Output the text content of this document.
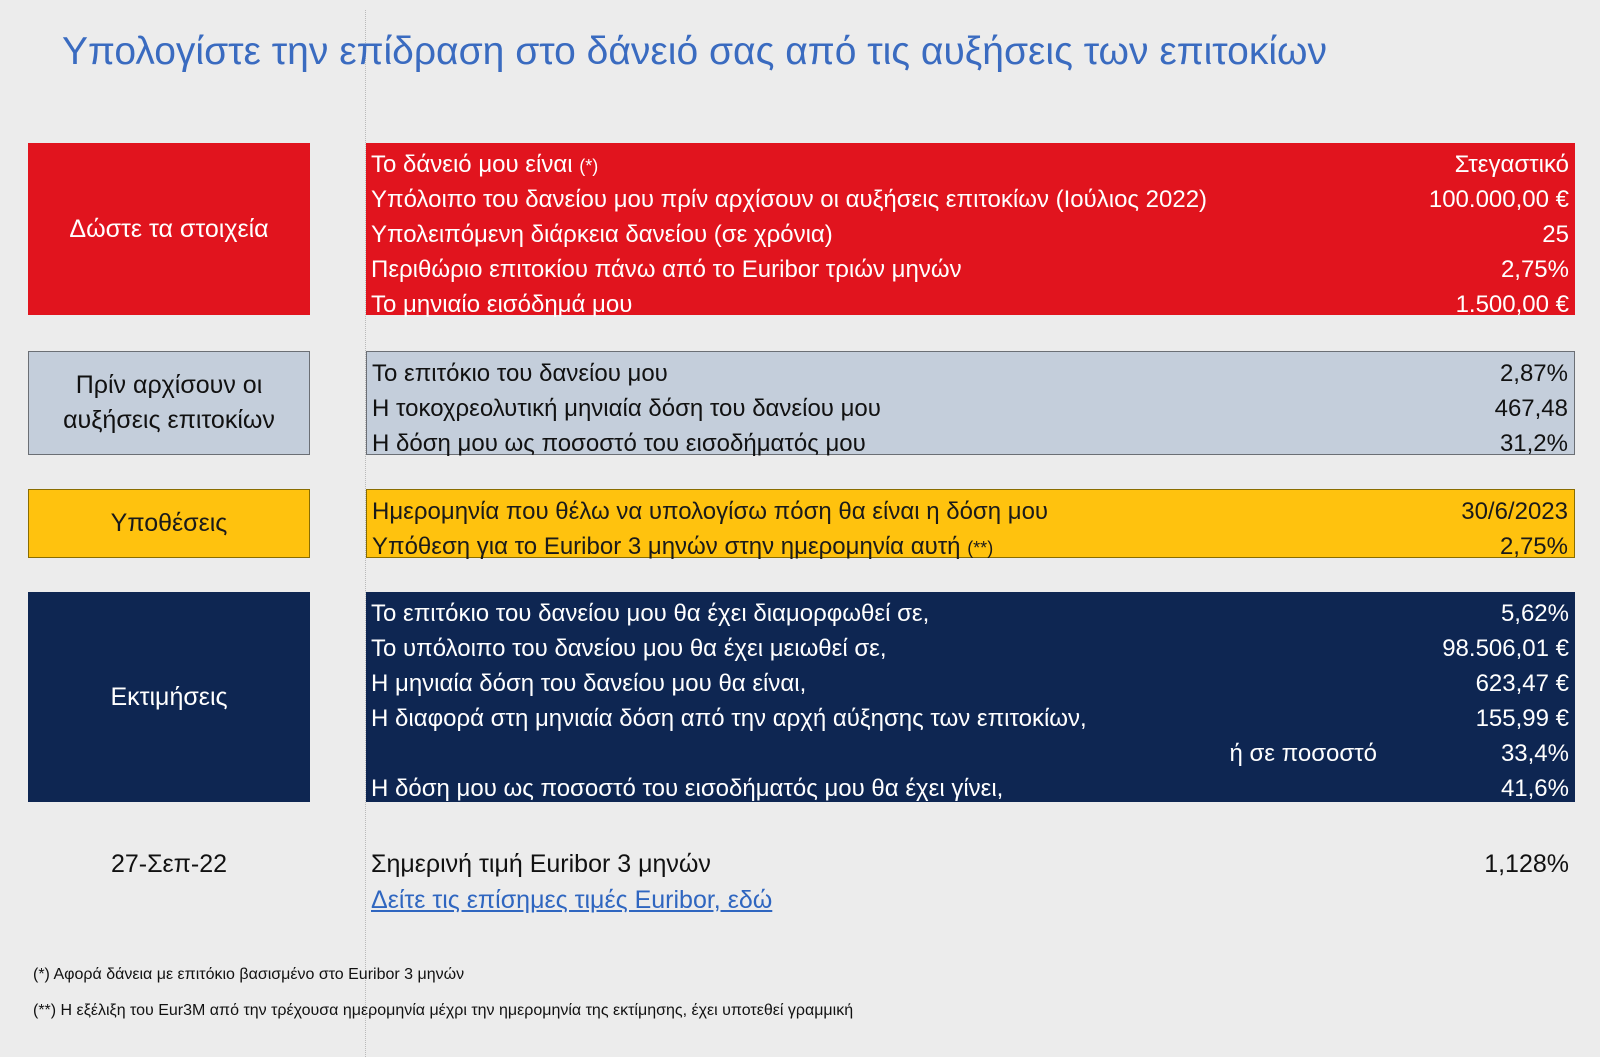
Υπολογίστε την επίδραση στο δάνειό σας από τις αυξήσεις των επιτοκίων
Δώστε τα στοιχεία
Το δάνειό μου είναι (*)	Στεγαστικό
Υπόλοιπο του δανείου μου πρίν αρχίσουν οι αυξήσεις επιτοκίων (Ιούλιος 2022)	100.000,00 €
Υπολειπόμενη διάρκεια δανείου (σε χρόνια)	25
Περιθώριο επιτοκίου πάνω από το Euribor τριών μηνών	2,75%
Το μηνιαίο εισόδημά μου	1.500,00 €
Πρίν αρχίσουν οι αυξήσεις επιτοκίων
Το επιτόκιο του δανείου μου	2,87%
Η τοκοχρεολυτική μηνιαία δόση του δανείου μου	467,48
Η δόση μου ως ποσοστό του εισοδήματός μου	31,2%
Υποθέσεις	Ημερομηνία που θέλω να υπολογίσω πόση θα είναι η δόση μου	30/6/2023
Υπόθεση για το Euribor 3 μηνών στην ημερομηνία αυτή (**)	2,75%
Εκτιμήσεις
Το επιτόκιο του δανείου μου θα έχει διαμορφωθεί σε,	5,62%
Το υπόλοιπο του δανείου μου θα έχει μειωθεί σε,	98.506,01 €
Η μηνιαία δόση του δανείου μου θα είναι,	623,47 €
Η διαφορά στη μηνιαία δόση από την αρχή αύξησης των επιτοκίων,	155,99 €
ή σε ποσοστό	33,4%
Η δόση μου ως ποσοστό του εισοδήματός μου θα έχει γίνει,	41,6%
27-Σεπ-22	Σημερινή τιμή Euribor 3 μηνών	1,128%
Δείτε τις επίσημες τιμές Euribor, εδώ
(*) Αφορά δάνεια με επιτόκιο βασισμένο στο Euribor 3 μηνών
(**) Η εξέλιξη του Eur3M από την τρέχουσα ημερομηνία μέχρι την ημερομηνία της εκτίμησης, έχει υποτεθεί γραμμική
